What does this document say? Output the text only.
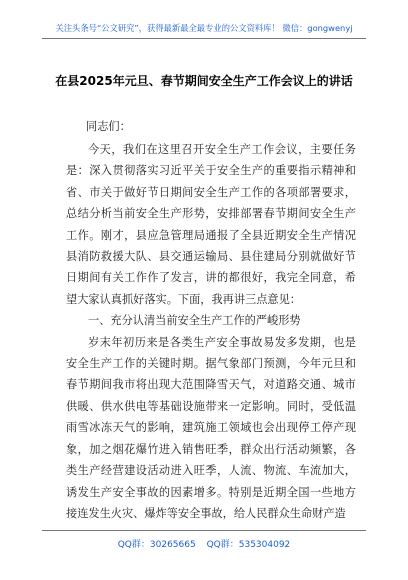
关注头条号“公文研究”，获得最新最全最专业的公文资料库！ 微信：gongwenyj
在县2025年元旦、春节期间安全生产工作会议上的讲话
同志们：

今天，我们在这里召开安全生产工作会议，主要任务是：深入贯彻落实习近平关于安全生产的重要指示精神和省、市关于做好节日期间安全生产工作的各项部署要求，总结分析当前安全生产形势，安排部署春节期间安全生产工作。刚才，县应急管理局通报了全县近期安全生产情况县消防救援大队、县交通运输局、县住建局分别就做好节日期间有关工作作了发言，讲的都很好，我完全同意，希望大家认真抓好落实。下面，我再讲三点意见：

一、充分认清当前安全生产工作的严峻形势

岁末年初历来是各类生产安全事故易发多发期，也是安全生产工作的关键时期。据气象部门预测，今年元旦和春节期间我市将出现大范围降雪天气，对道路交通、城市供暖、供水供电等基础设施带来一定影响。同时，受低温雨雪冰冻天气的影响，建筑施工领域也会出现停工停产现象，加之烟花爆竹进入销售旺季，群众出行活动频繁，各类生产经营建设活动进入旺季，人流、物流、车流加大，诱发生产安全事故的因素增多。特别是近期全国一些地方接连发生火灾、爆炸等安全事故，给人民群众生命财产造

QQ群：30265665 QQ群：535304092
